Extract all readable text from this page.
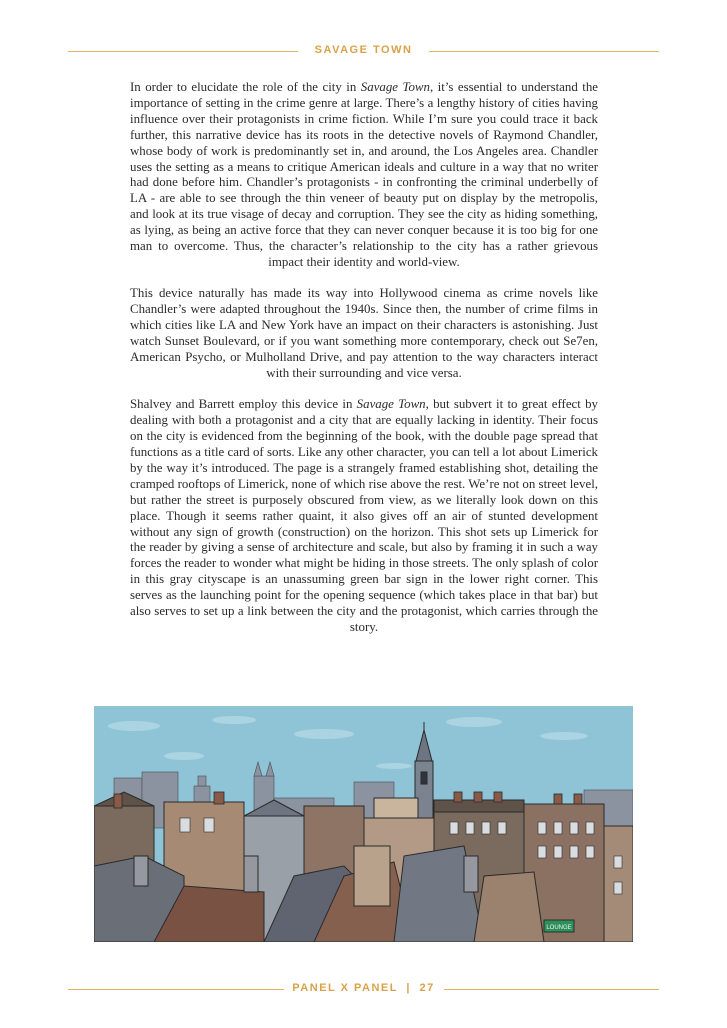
SAVAGE TOWN

In order to elucidate the role of the city in Savage Town, it’s essential to understand the importance of setting in the crime genre at large. There’s a lengthy history of cities having influence over their protagonists in crime fiction. While I’m sure you could trace it back further, this narrative device has its roots in the detective novels of Raymond Chandler, whose body of work is predominantly set in, and around, the Los Angeles area. Chandler uses the setting as a means to critique American ideals and culture in a way that no writer had done before him. Chandler’s protagonists - in confronting the criminal underbelly of LA - are able to see through the thin veneer of beauty put on display by the metropolis, and look at its true visage of decay and corruption. They see the city as hiding something, as lying, as being an active force that they can never conquer because it is too big for one man to overcome. Thus, the character’s relationship to the city has a rather grievous impact their identity and world-view.

This device naturally has made its way into Hollywood cinema as crime novels like Chandler’s were adapted throughout the 1940s. Since then, the number of crime films in which cities like LA and New York have an impact on their characters is astonishing. Just watch Sunset Boulevard, or if you want something more contemporary, check out Se7en, American Psycho, or Mulholland Drive, and pay attention to the way characters interact with their surrounding and vice versa.

Shalvey and Barrett employ this device in Savage Town, but subvert it to great effect by dealing with both a protagonist and a city that are equally lacking in identity. Their focus on the city is evidenced from the beginning of the book, with the double page spread that functions as a title card of sorts. Like any other character, you can tell a lot about Limerick by the way it’s introduced. The page is a strangely framed establishing shot, detailing the cramped rooftops of Limerick, none of which rise above the rest. We’re not on street level, but rather the street is purposely obscured from view, as we literally look down on this place. Though it seems rather quaint, it also gives off an air of stunted development without any sign of growth (construction) on the horizon. This shot sets up Limerick for the reader by giving a sense of architecture and scale, but also by framing it in such a way forces the reader to wonder what might be hiding in those streets. The only splash of color in this gray cityscape is an unassuming green bar sign in the lower right corner. This serves as the launching point for the opening sequence (which takes place in that bar) but also serves to set up a link between the city and the protagonist, which carries through the story.

LOUNGE
PANEL X PANEL | 27
